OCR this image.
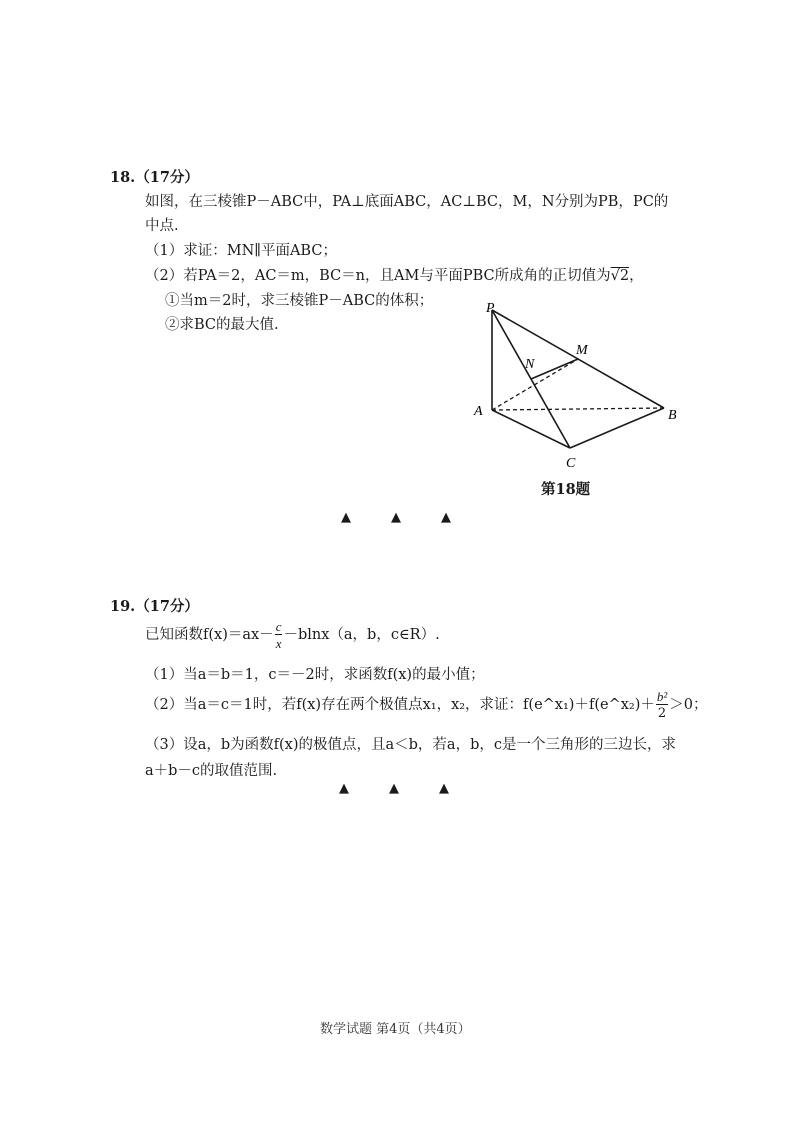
18.（17分）
如图，在三棱锥P－ABC中，PA⊥底面ABC，AC⊥BC，M，N分别为PB，PC的
中点.
（1）求证：MN∥平面ABC；
（2）若PA＝2，AC＝m，BC＝n，且AM与平面PBC所成角的正切值为√2，
①当m＝2时，求三棱锥P－ABC的体积；
②求BC的最大值.
P
M
N
A	B
C
第18题
▲	▲	▲
19.（17分）
已知函数$f(x)=ax- \frac{c}{x} -blnx(a$，b，c∈R）.
（1）当a＝b＝1，c＝－2时，求函数f(x)的最小值；
（2）当a＝c＝1时，若f(x)存在两个极值点x₁，x₂，求证：f(e^x₁)＋f(e^x₂)＋ $\frac{\text{b²}}{2} >0$；
（3）设a，b为函数f(x)的极值点，且a＜b，若a，b，c是一个三角形的三边长，求
a＋b－c的取值范围.
▲	▲	▲
数学试题 第4页（共4页）
